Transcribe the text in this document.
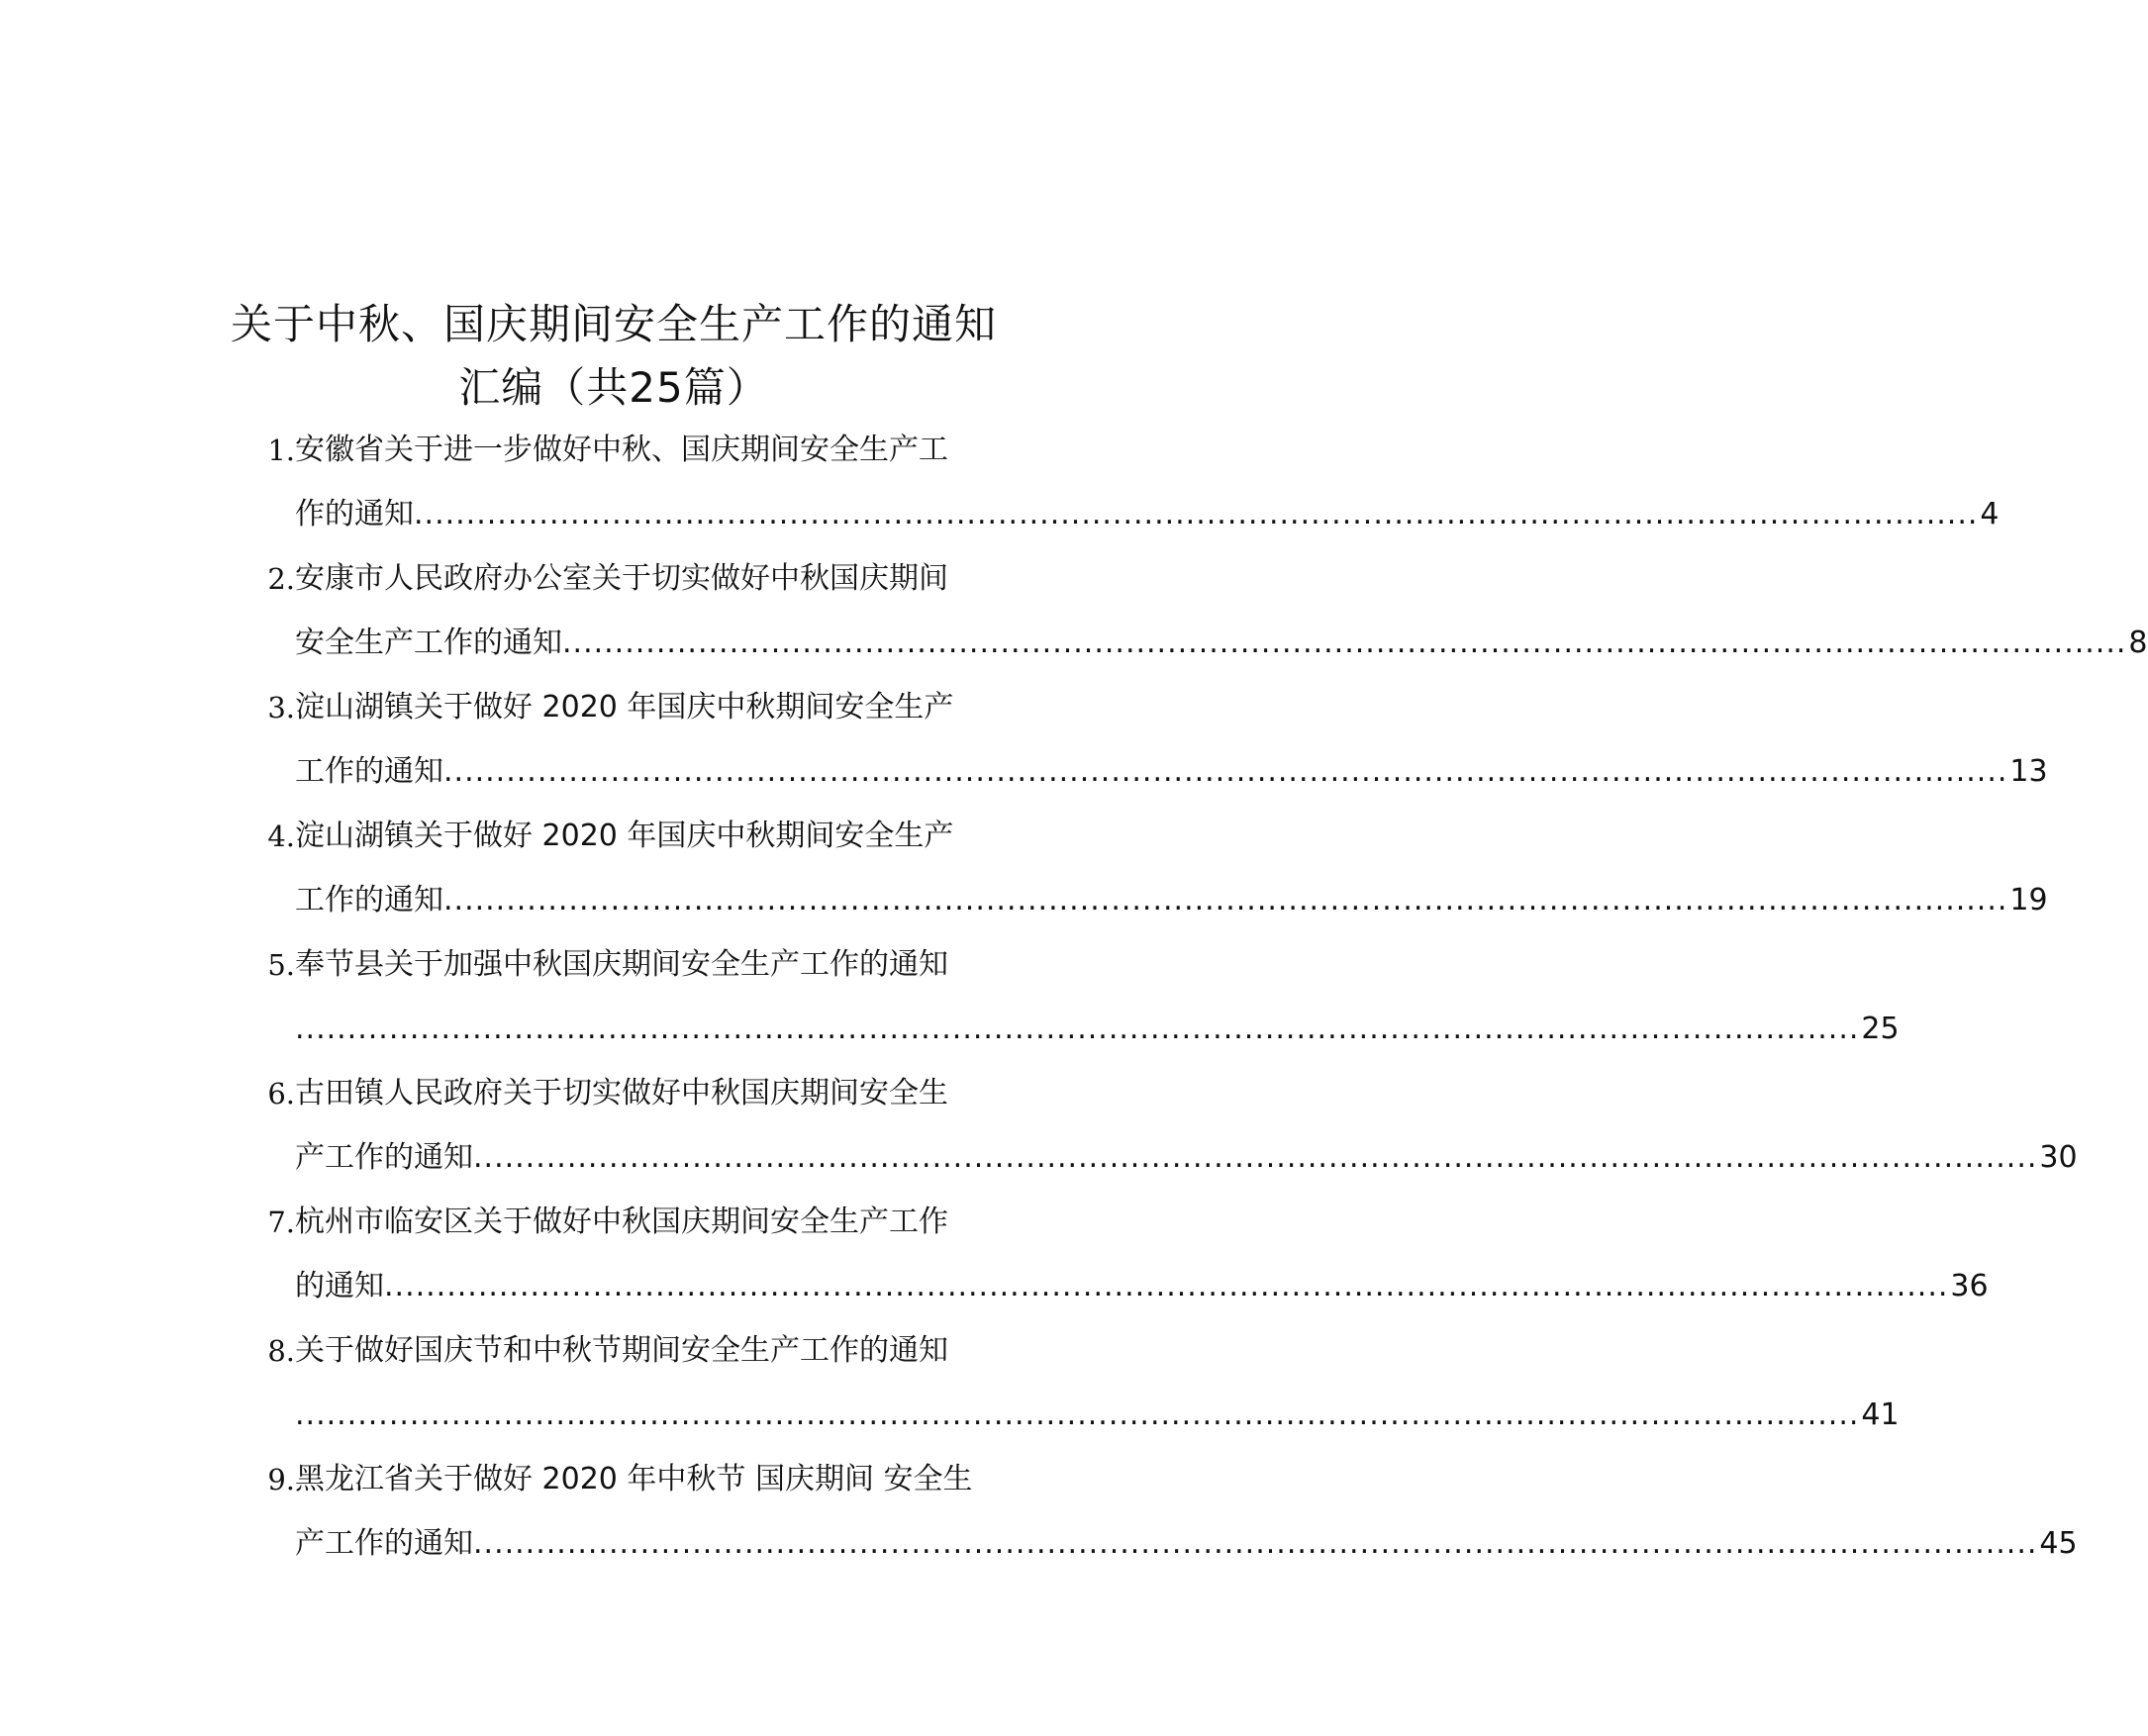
关于中秋、国庆期间安全生产工作的通知
汇编（共25篇）
1. 安徽省关于进一步做好中秋、国庆期间安全生产工
作的通知 ...................................................................................................................................................... 4
2. 安康市人民政府办公室关于切实做好中秋国庆期间
安全生产工作的通知 ...................................................................................................................................................... 8
3. 淀山湖镇关于做好 2020 年国庆中秋期间安全生产
工作的通知 ...................................................................................................................................................... 13
4. 淀山湖镇关于做好 2020 年国庆中秋期间安全生产
工作的通知 ...................................................................................................................................................... 19
5. 奉节县关于加强中秋国庆期间安全生产工作的通知
...................................................................................................................................................... 25
6. 古田镇人民政府关于切实做好中秋国庆期间安全生
产工作的通知 ...................................................................................................................................................... 30
7. 杭州市临安区关于做好中秋国庆期间安全生产工作
的通知 ...................................................................................................................................................... 36
8. 关于做好国庆节和中秋节期间安全生产工作的通知
...................................................................................................................................................... 41
9. 黑龙江省关于做好 2020 年中秋节 国庆期间 安全生
产工作的通知 ...................................................................................................................................................... 45
